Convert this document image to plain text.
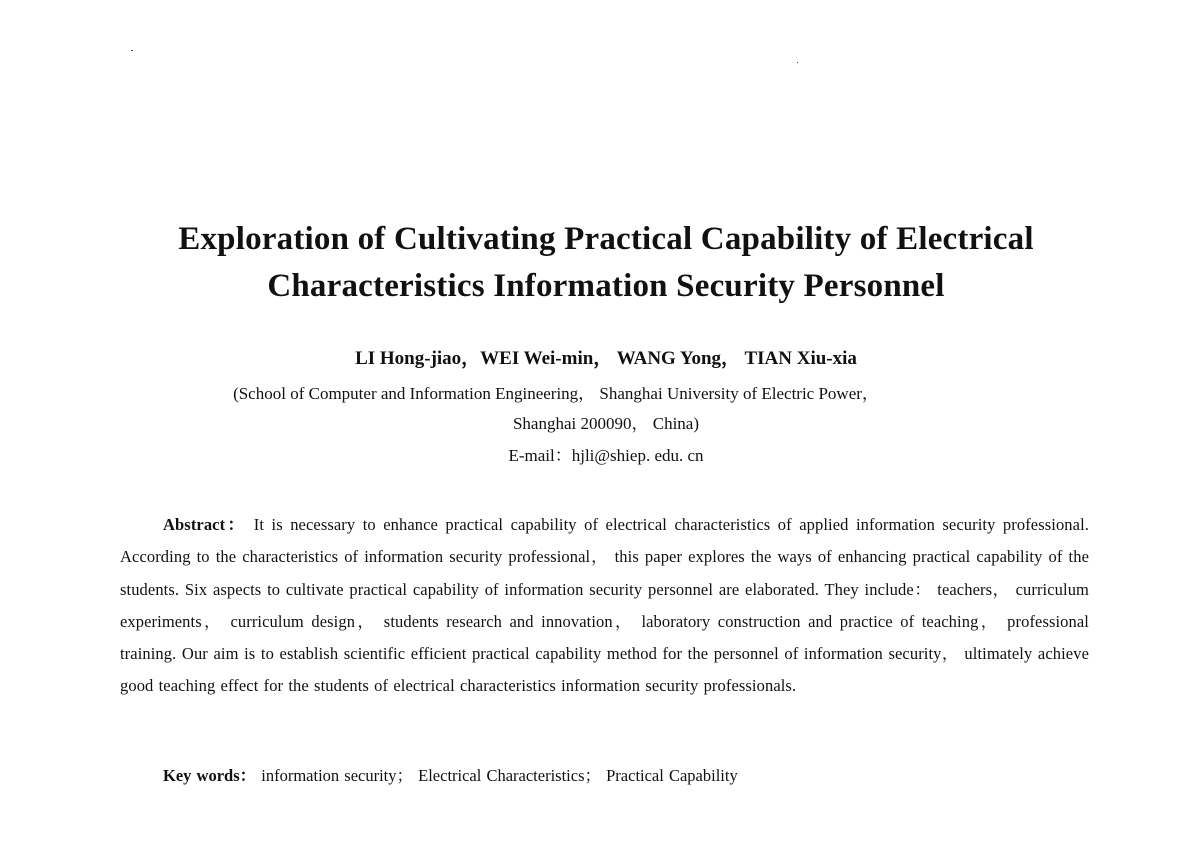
Exploration of Cultivating Practical Capability of Electrical
Characteristics Information Security Personnel
LI Hong-jiao，WEI Wei-min， WANG Yong， TIAN Xiu-xia
(School of Computer and Information Engineering， Shanghai University of Electric Power，
Shanghai 200090， China)
E-mail：hjli@shiep. edu. cn

Abstract： It is necessary to enhance practical capability of electrical characteristics of applied information security professional. According to the characteristics of information security professional， this paper explores the ways of enhancing practical capability of the students. Six aspects to cultivate practical capability of information security personnel are elaborated. They include： teachers， curriculum experiments， curriculum design， students research and innovation， laboratory construction and practice of teaching， professional training. Our aim is to establish scientific efficient practical capability method for the personnel of information security， ultimately achieve good teaching effect for the students of electrical characteristics information security professionals.

Key words： information security； Electrical Characteristics； Practical Capability
